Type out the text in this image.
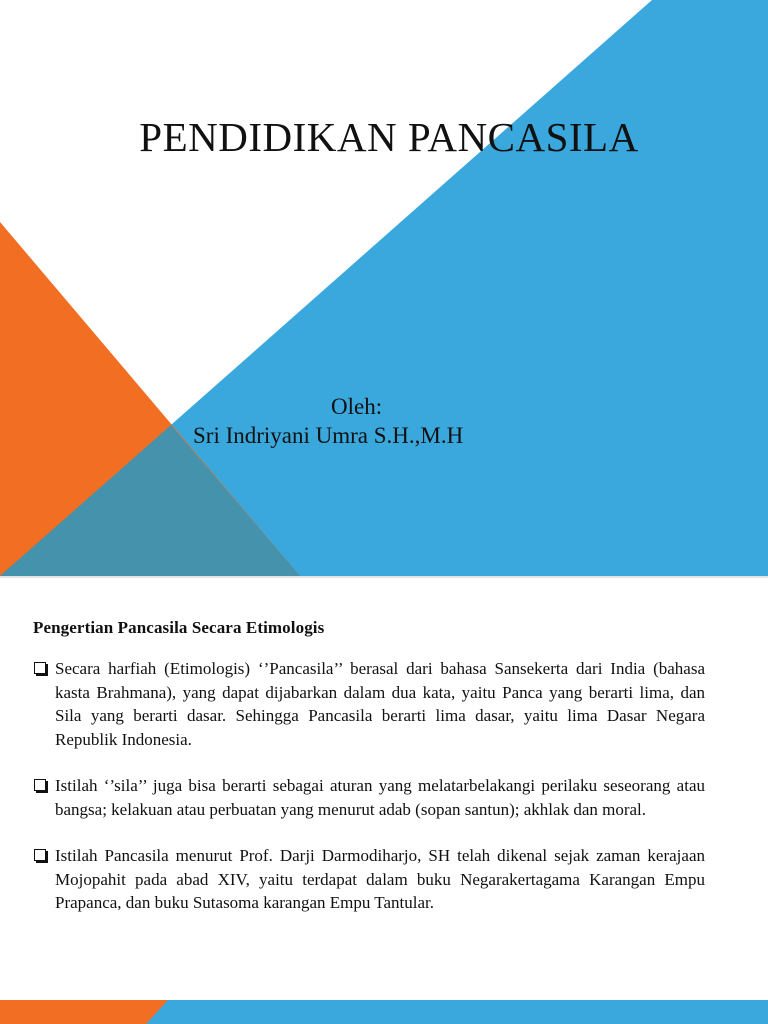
PENDIDIKAN PANCASILA
Oleh:
Sri Indriyani Umra S.H.,M.H
Pengertian Pancasila Secara Etimologis
Secara harfiah (Etimologis) ‘’Pancasila’’ berasal dari bahasa Sansekerta dari India (bahasa kasta Brahmana), yang dapat dijabarkan dalam dua kata, yaitu Panca yang berarti lima, dan Sila yang berarti dasar. Sehingga Pancasila berarti lima dasar, yaitu lima Dasar Negara Republik Indonesia.
Istilah ‘’sila’’ juga bisa berarti sebagai aturan yang melatarbelakangi perilaku seseorang atau bangsa; kelakuan atau perbuatan yang menurut adab (sopan santun); akhlak dan moral.
Istilah Pancasila menurut Prof. Darji Darmodiharjo, SH telah dikenal sejak zaman kerajaan Mojopahit pada abad XIV, yaitu terdapat dalam buku Negarakertagama Karangan Empu Prapanca, dan buku Sutasoma karangan Empu Tantular.
